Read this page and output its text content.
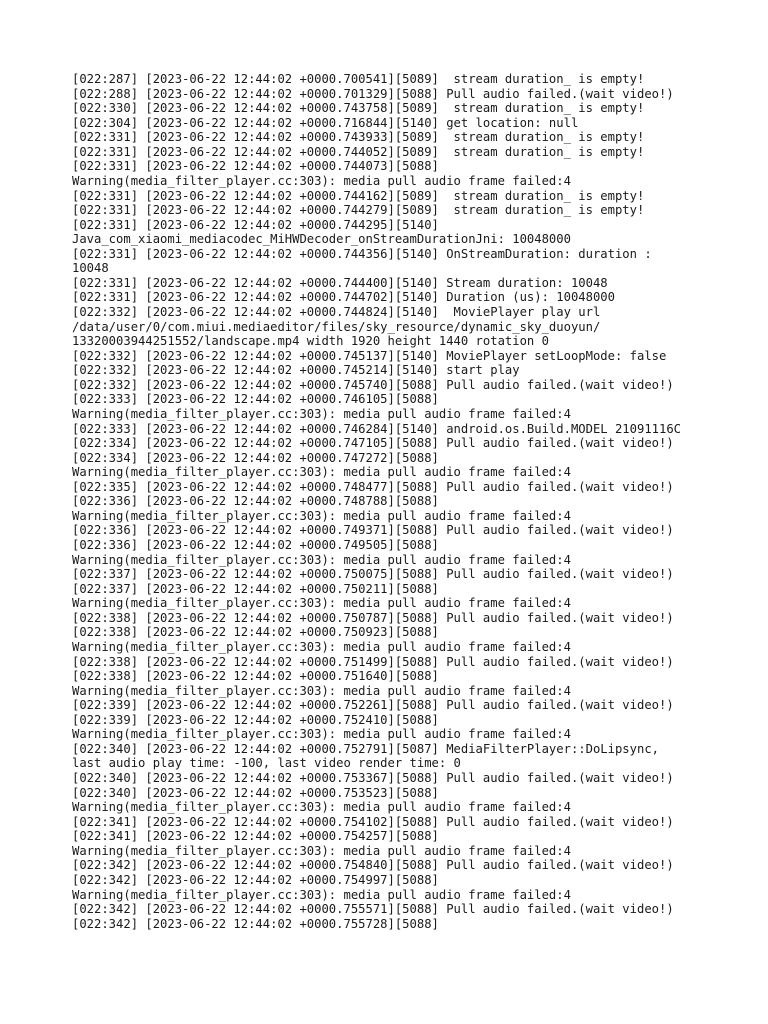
[022:287] [2023-06-22 12:44:02 +0000.700541][5089]  stream duration_ is empty!
[022:288] [2023-06-22 12:44:02 +0000.701329][5088] Pull audio failed.(wait video!)
[022:330] [2023-06-22 12:44:02 +0000.743758][5089]  stream duration_ is empty!
[022:304] [2023-06-22 12:44:02 +0000.716844][5140] get location: null
[022:331] [2023-06-22 12:44:02 +0000.743933][5089]  stream duration_ is empty!
[022:331] [2023-06-22 12:44:02 +0000.744052][5089]  stream duration_ is empty!
[022:331] [2023-06-22 12:44:02 +0000.744073][5088]
Warning(media_filter_player.cc:303): media pull audio frame failed:4
[022:331] [2023-06-22 12:44:02 +0000.744162][5089]  stream duration_ is empty!
[022:331] [2023-06-22 12:44:02 +0000.744279][5089]  stream duration_ is empty!
[022:331] [2023-06-22 12:44:02 +0000.744295][5140]
Java_com_xiaomi_mediacodec_MiHWDecoder_onStreamDurationJni: 10048000
[022:331] [2023-06-22 12:44:02 +0000.744356][5140] OnStreamDuration: duration :
10048
[022:331] [2023-06-22 12:44:02 +0000.744400][5140] Stream duration: 10048
[022:331] [2023-06-22 12:44:02 +0000.744702][5140] Duration (us): 10048000
[022:332] [2023-06-22 12:44:02 +0000.744824][5140]  MoviePlayer play url
/data/user/0/com.miui.mediaeditor/files/sky_resource/dynamic_sky_duoyun/
13320003944251552/landscape.mp4 width 1920 height 1440 rotation 0
[022:332] [2023-06-22 12:44:02 +0000.745137][5140] MoviePlayer setLoopMode: false
[022:332] [2023-06-22 12:44:02 +0000.745214][5140] start play
[022:332] [2023-06-22 12:44:02 +0000.745740][5088] Pull audio failed.(wait video!)
[022:333] [2023-06-22 12:44:02 +0000.746105][5088]
Warning(media_filter_player.cc:303): media pull audio frame failed:4
[022:333] [2023-06-22 12:44:02 +0000.746284][5140] android.os.Build.MODEL 21091116C
[022:334] [2023-06-22 12:44:02 +0000.747105][5088] Pull audio failed.(wait video!)
[022:334] [2023-06-22 12:44:02 +0000.747272][5088]
Warning(media_filter_player.cc:303): media pull audio frame failed:4
[022:335] [2023-06-22 12:44:02 +0000.748477][5088] Pull audio failed.(wait video!)
[022:336] [2023-06-22 12:44:02 +0000.748788][5088]
Warning(media_filter_player.cc:303): media pull audio frame failed:4
[022:336] [2023-06-22 12:44:02 +0000.749371][5088] Pull audio failed.(wait video!)
[022:336] [2023-06-22 12:44:02 +0000.749505][5088]
Warning(media_filter_player.cc:303): media pull audio frame failed:4
[022:337] [2023-06-22 12:44:02 +0000.750075][5088] Pull audio failed.(wait video!)
[022:337] [2023-06-22 12:44:02 +0000.750211][5088]
Warning(media_filter_player.cc:303): media pull audio frame failed:4
[022:338] [2023-06-22 12:44:02 +0000.750787][5088] Pull audio failed.(wait video!)
[022:338] [2023-06-22 12:44:02 +0000.750923][5088]
Warning(media_filter_player.cc:303): media pull audio frame failed:4
[022:338] [2023-06-22 12:44:02 +0000.751499][5088] Pull audio failed.(wait video!)
[022:338] [2023-06-22 12:44:02 +0000.751640][5088]
Warning(media_filter_player.cc:303): media pull audio frame failed:4
[022:339] [2023-06-22 12:44:02 +0000.752261][5088] Pull audio failed.(wait video!)
[022:339] [2023-06-22 12:44:02 +0000.752410][5088]
Warning(media_filter_player.cc:303): media pull audio frame failed:4
[022:340] [2023-06-22 12:44:02 +0000.752791][5087] MediaFilterPlayer::DoLipsync,
last audio play time: -100, last video render time: 0
[022:340] [2023-06-22 12:44:02 +0000.753367][5088] Pull audio failed.(wait video!)
[022:340] [2023-06-22 12:44:02 +0000.753523][5088]
Warning(media_filter_player.cc:303): media pull audio frame failed:4
[022:341] [2023-06-22 12:44:02 +0000.754102][5088] Pull audio failed.(wait video!)
[022:341] [2023-06-22 12:44:02 +0000.754257][5088]
Warning(media_filter_player.cc:303): media pull audio frame failed:4
[022:342] [2023-06-22 12:44:02 +0000.754840][5088] Pull audio failed.(wait video!)
[022:342] [2023-06-22 12:44:02 +0000.754997][5088]
Warning(media_filter_player.cc:303): media pull audio frame failed:4
[022:342] [2023-06-22 12:44:02 +0000.755571][5088] Pull audio failed.(wait video!)
[022:342] [2023-06-22 12:44:02 +0000.755728][5088]
